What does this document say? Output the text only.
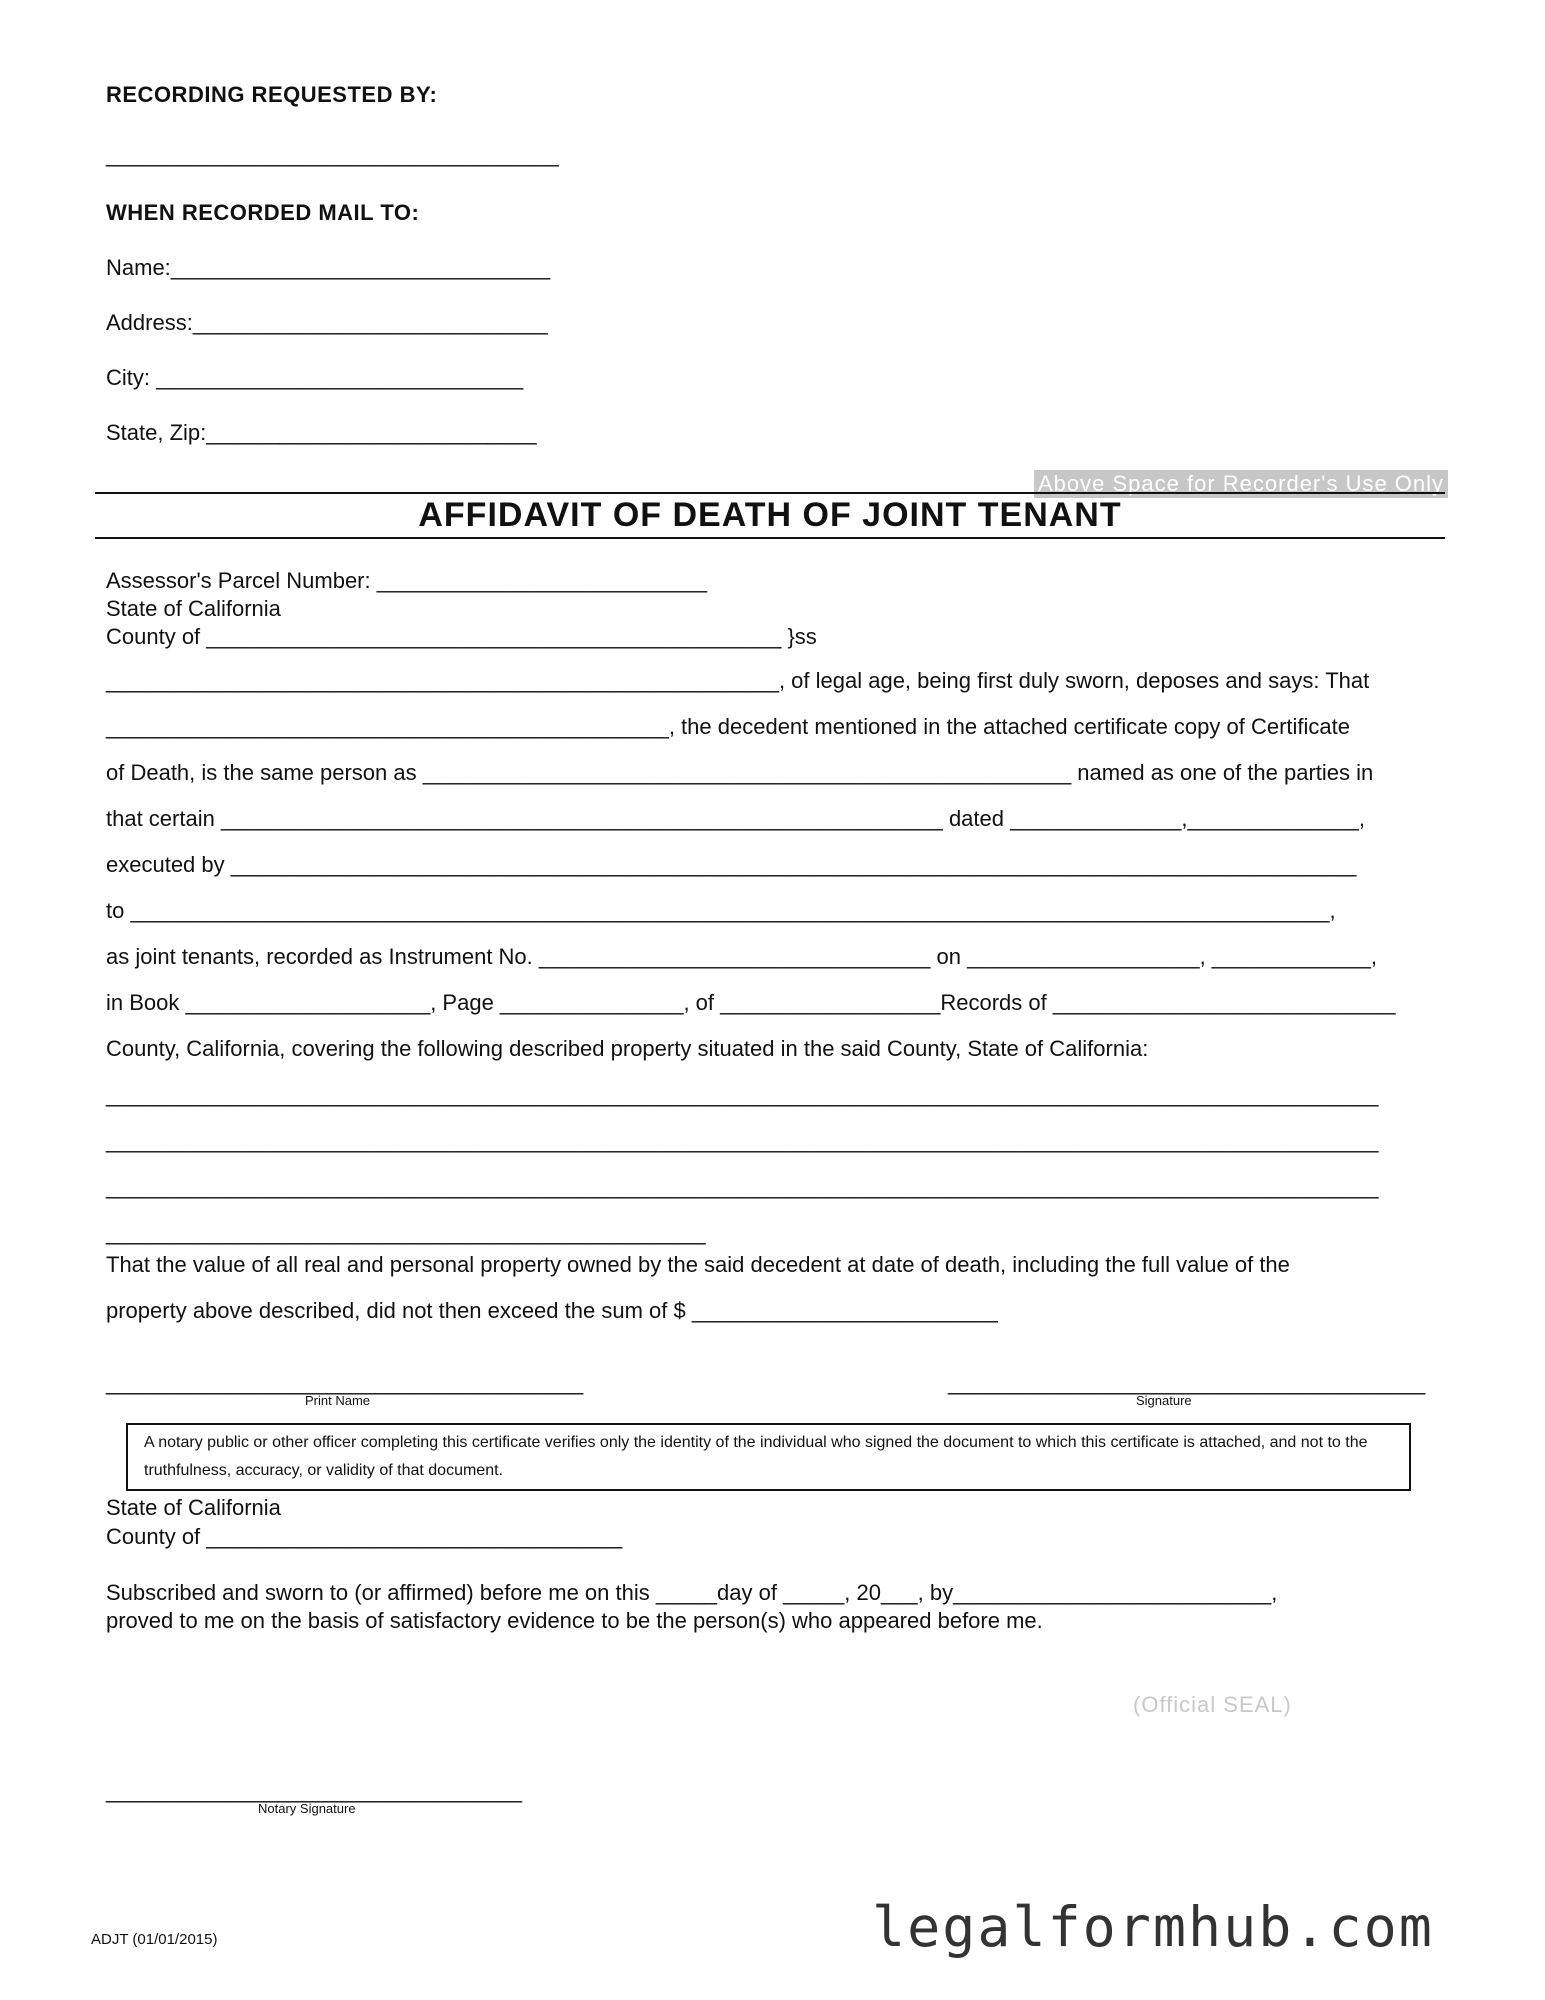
RECORDING REQUESTED BY:
_____________________________________
WHEN RECORDED MAIL TO:
Name:_______________________________
Address:_____________________________
City: ______________________________
State, Zip:___________________________
Above Space for Recorder's Use Only
AFFIDAVIT OF DEATH OF JOINT TENANT
Assessor's Parcel Number: ___________________________
State of California
County of _______________________________________________ }ss
_______________________________________________________, of legal age, being first duly sworn, deposes and says: That
______________________________________________, the decedent mentioned in the attached certificate copy of Certificate
of Death, is the same person as _____________________________________________________ named as one of the parties in
that certain ___________________________________________________________ dated ______________,______________,
executed by ____________________________________________________________________________________________
to __________________________________________________________________________________________________,
as joint tenants, recorded as Instrument No. ________________________________ on ___________________, _____________,
in Book ____________________, Page _______________, of __________________Records of ____________________________
County, California, covering the following described property situated in the said County, State of California:
________________________________________________________________________________________________________
________________________________________________________________________________________________________
________________________________________________________________________________________________________
_________________________________________________
That the value of all real and personal property owned by the said decedent at date of death, including the full value of the
property above described, did not then exceed the sum of $ _________________________
_______________________________________
Print Name
_______________________________________
Signature
A notary public or other officer completing this certificate verifies only the identity of the individual who signed the document to which this certificate is attached, and not to the truthfulness, accuracy, or validity of that document.
State of California
County of __________________________________
Subscribed and sworn to (or affirmed) before me on this _____day of _____, 20___, by__________________________,
proved to me on the basis of satisfactory evidence to be the person(s) who appeared before me.
(Official SEAL)
__________________________________
Notary Signature
ADJT (01/01/2015)	legalformhub.com
